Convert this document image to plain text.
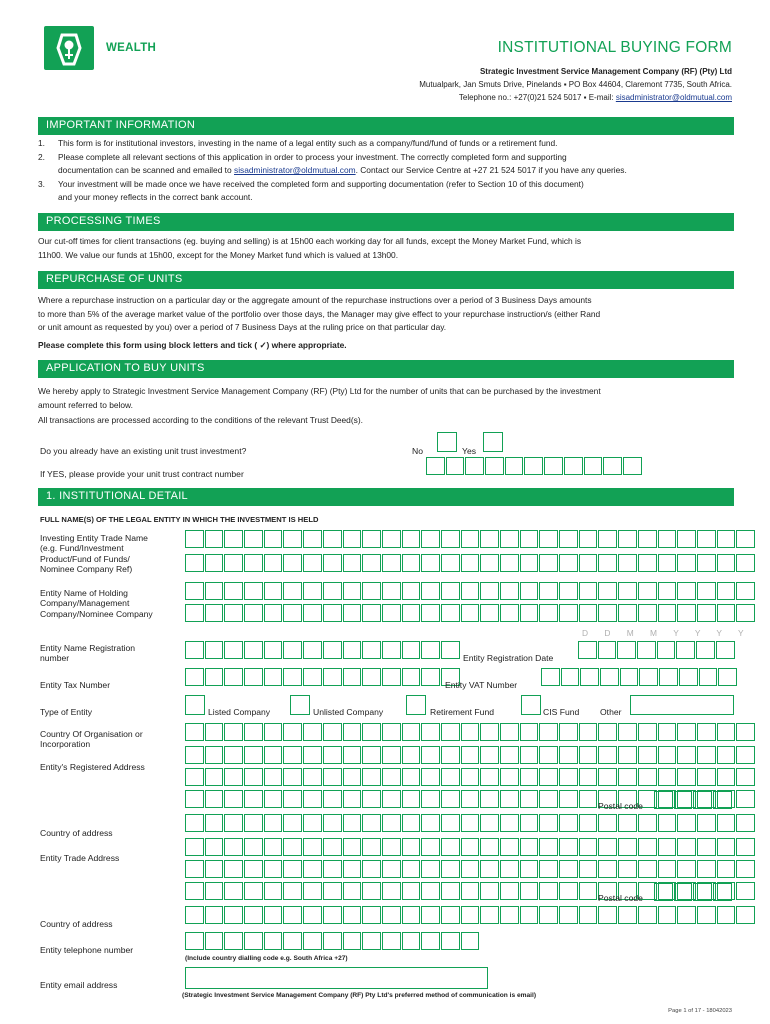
WEALTH	INSTITUTIONAL BUYING FORM
Strategic Investment Service Management Company (RF) (Pty) Ltd
Mutualpark, Jan Smuts Drive, Pinelands ▪ PO Box 44604, Claremont 7735, South Africa.
Telephone no.: +27(0)21 524 5017 ▪ E-mail: sisadministrator@oldmutual.com
IMPORTANT INFORMATION
1.	This form is for institutional investors, investing in the name of a legal entity such as a company/fund/fund of funds or a retirement fund.
2.	Please complete all relevant sections of this application in order to process your investment. The correctly completed form and supporting
documentation can be scanned and emailed to sisadministrator@oldmutual.com. Contact our Service Centre at +27 21 524 5017 if you have any queries.
3.	Your investment will be made once we have received the completed form and supporting documentation (refer to Section 10 of this document)
and your money reflects in the correct bank account.
PROCESSING TIMES
Our cut-off times for client transactions (eg. buying and selling) is at 15h00 each working day for all funds, except the Money Market Fund, which is
11h00. We value our funds at 15h00, except for the Money Market fund which is valued at 13h00.
REPURCHASE OF UNITS
Where a repurchase instruction on a particular day or the aggregate amount of the repurchase instructions over a period of 3 Business Days amounts
to more than 5% of the average market value of the portfolio over those days, the Manager may give effect to your repurchase instruction/s (either Rand
or unit amount as requested by you) over a period of 7 Business Days at the ruling price on that particular day.
Please complete this form using block letters and tick ( ✓) where appropriate.
APPLICATION TO BUY UNITS
We hereby apply to Strategic Investment Service Management Company (RF) (Pty) Ltd for the number of units that can be purchased by the investment
amount referred to below.
All transactions are processed according to the conditions of the relevant Trust Deed(s).
Do you already have an existing unit trust investment?	No	Yes
If YES, please provide your unit trust contract number
1. INSTITUTIONAL DETAIL
FULL NAME(S) OF THE LEGAL ENTITY IN WHICH THE INVESTMENT IS HELD
Investing Entity Trade Name
(e.g. Fund/Investment
Product/Fund of Funds/
Nominee Company Ref)
Entity Name of Holding
Company/Management
Company/Nominee Company
D D M M Y Y Y Y
Entity Name Registration
number	Entity Registration Date
Entity Tax Number	Entity VAT Number
Type of Entity	Listed Company	Unlisted Company	Retirement Fund	CIS Fund Other
Country Of Organisation or
Incorporation
Entity's Registered Address
Postal code
Country of address
Entity Trade Address
Postal code
Country of address
Entity telephone number
(Include country dialling code e.g. South Africa +27)
Entity email address
(Strategic Investment Service Management Company (RF) Pty Ltd's preferred method of communication is email)
Page 1 of 17 - 18042023
